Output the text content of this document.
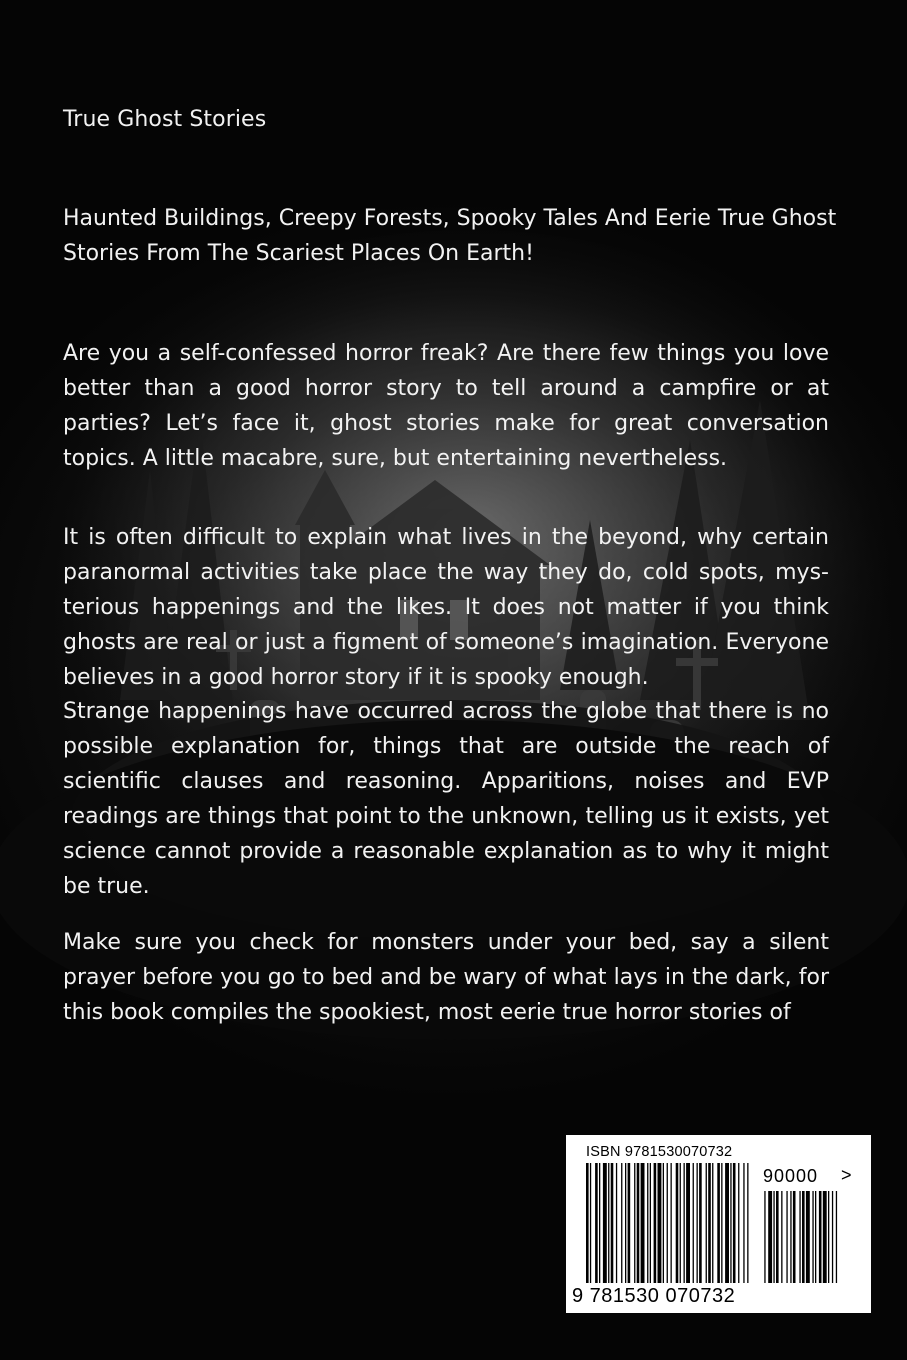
True Ghost Stories
Haunted Buildings, Creepy Forests, Spooky Tales And Eerie True Ghost Stories From The Scariest Places On Earth!

Are you a self-confessed horror freak? Are there few things you love better than a good horror story to tell around a campfire or at parties? Let’s face it, ghost stories make for great conversation topics. A little macabre, sure, but entertaining nevertheless.

It is often difficult to explain what lives in the beyond, why certain paranormal activities take place the way they do, cold spots, mysterious happenings and the likes. It does not matter if you think ghosts are real or just a figment of someone’s imagination. Everyone believes in a good horror story if it is spooky enough.

Strange happenings have occurred across the globe that there is no possible explanation for, things that are outside the reach of scientific clauses and reasoning. Apparitions, noises and EVP readings are things that point to the unknown, telling us it exists, yet science cannot provide a reasonable explanation as to why it might be true.

Make sure you check for monsters under your bed, say a silent prayer before you go to bed and be wary of what lays in the dark, for this book compiles the spookiest, most eerie true horror stories of

ISBN 9781530070732
90000 >
9 781530 070732
